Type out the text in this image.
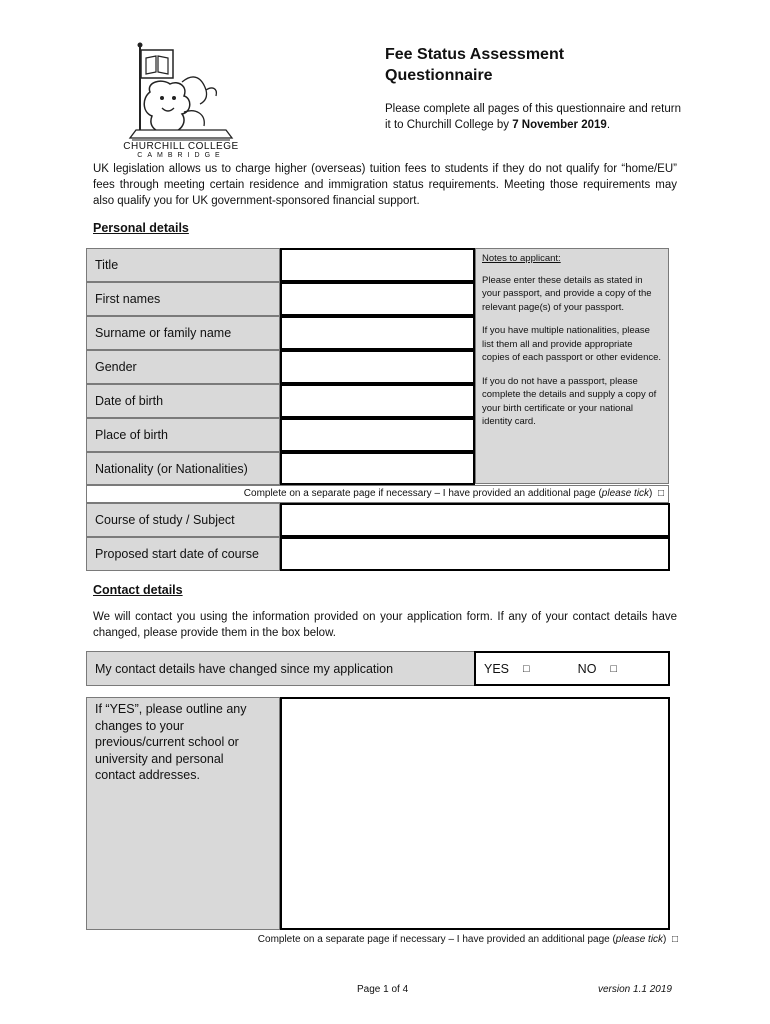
CHURCHILL COLLEGE
CAMBRIDGE
Fee Status Assessment
Questionnaire
Please complete all pages of this questionnaire and return it to Churchill College by 7 November 2019.
UK legislation allows us to charge higher (overseas) tuition fees to students if they do not qualify for “home/EU” fees through meeting certain residence and immigration status requirements. Meeting those requirements may also qualify you for UK government-sponsored financial support.
Personal details
Title
First names
Surname or family name
Gender
Date of birth
Place of birth
Nationality (or Nationalities)

Notes to applicant:

Please enter these details as stated in your passport, and provide a copy of the relevant page(s) of your passport.

If you have multiple nationalities, please list them all and provide appropriate copies of each passport or other evidence.

If you do not have a passport, please complete the details and supply a copy of your birth certificate or your national identity card.

Complete on a separate page if necessary – I have provided an additional page (please tick) □
Course of study / Subject
Proposed start date of course
Contact details
We will contact you using the information provided on your application form. If any of your contact details have changed, please provide them in the box below.
My contact details have changed since my application	YES □	NO □
If “YES”, please outline any changes to your previous/current school or university and personal contact addresses.
Complete on a separate page if necessary – I have provided an additional page (please tick) □
Page 1 of 4	version 1.1 2019
